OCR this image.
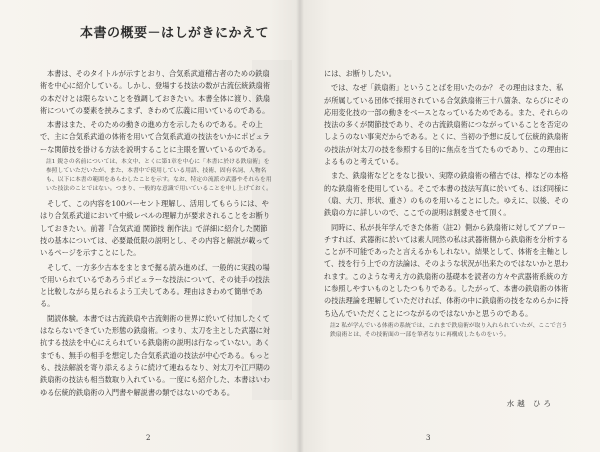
本書の概要－はしがきにかえて

本書は、そのタイトルが示すとおり、合気系武道稽古者のための鉄扇術を中心に紹介している。しかし、登場する技法の数が古流伝統鉄扇術の本だけとは限らないことを強調しておきたい。本書全体に渡り、鉄扇術についての要素を挟みこまず、きわめて広義に用いているのである。

本書はまた、そのための動きの進め方を示したものである。その上で、主に合気系武道の体術を用いて合気系武道の技法をいかにポピュラーな関節技を掛ける方法を説明することに主眼を置いているのである。

註1 鋭さの名前については、本文中、とくに第1章を中心に「本書に於ける鉄扇術」を参照していただいたが、また、本書中で使用している用語、技術、固有名詞、人物名も、以下に本書の範囲をあらわしたことを示す。なお、特定の流派の武器やそれらを用いた技法のことではない。つまり、一般的な意識で用いていることを申し上げておく。

そして、この内容を100パーセント理解し、活用してもらうには、やはり合気系武道において中級レベルの理解力が要求されることをお断りしておきたい。前著『合気武道 関節技 創作法』で詳細に紹介した関節技の基本については、必要最低限の説明とし、その内容と解説が載っているページを示すことにした。

そして、一方多少古本をまとまで掘る読み進めば、一般的に実践の場で用いられているであろうポピュラーな技法について、その徒手の技法と比較しながら見られるよう工夫してある。理由はきわめて簡単である。

閲読体験。本書では古流鉄扇や古流剣術の世界に於いて付加したくてはならないできていた形態の鉄扇術。つまり、太刀を主とした武器に対抗する技法を中心にえられている鉄扇術の説明は行なっていない。あくまでも、無手の相手を想定した合気系武道の技法が中心である。もっとも、技法解説を寄り添えるように続けて連ねるなり、対太刀や江戸期の鉄扇術の技法も相当数取り入れている。一度にも紹介した、本書はいわゆる伝統的鉄扇術の入門書や解説書の類ではないのである。

2

には、お断りしたい。

では、なぜ「鉄扇術」ということばを用いたのか？ その理由はまた、私が所属している団体で採用されている合気鉄扇術三十八箇条、ならびにその応用変化技の一部の動きをベースとなっているためである。また、それらの技法の多くが関節技であり、その古流鉄扇術につながっていることを否定のしようのない事実だからである。とくに、当初の予想に反して伝統的鉄扇術の技法が対太刀の技を参照する目的に焦点を当てたものであり、この理由によるものと考えている。

また、鉄扇術などとをなじ扱い、実際の鉄扇術の稽古では、棒などの本格的な鉄扇術を使用している。そこで本書の技法写真に於いても、ほぼ同様に（扇、大刀、形状、重さ）のものを用いることにした。ゆえに、以後、その鉄扇の方に詳しいので、ここでの説明は割愛させて頂く。

同時に、私が長年学んできた体術（註2）側から鉄扇術に対してアプローチすれば、武器術に於いては素人同然の私は武器術側から鉄扇術を分析することが不可能であったと言えるかもしれない。結果として、体術を主軸として、技を行う上での方法論は、そのような状況が出来たのではないかと思われます。このような考え方の鉄扇術の基礎本を読者の方々や武器術系統の方に参照しやすいものとしたつもりである。したがって、本書の鉄扇術の体術の技法理論を理解していただければ、体術の中に鉄扇術の技をなめらかに持ち込んでいただくことにつながるのではないかと思うのである。

註2 私が学んでいる体術の系統では、これまで鉄扇術が取り入れられていたが、ここで言う鉄扇術とは、その技術面の一部を筆者なりに再構成したものをいう。
水越 ひろ
3
